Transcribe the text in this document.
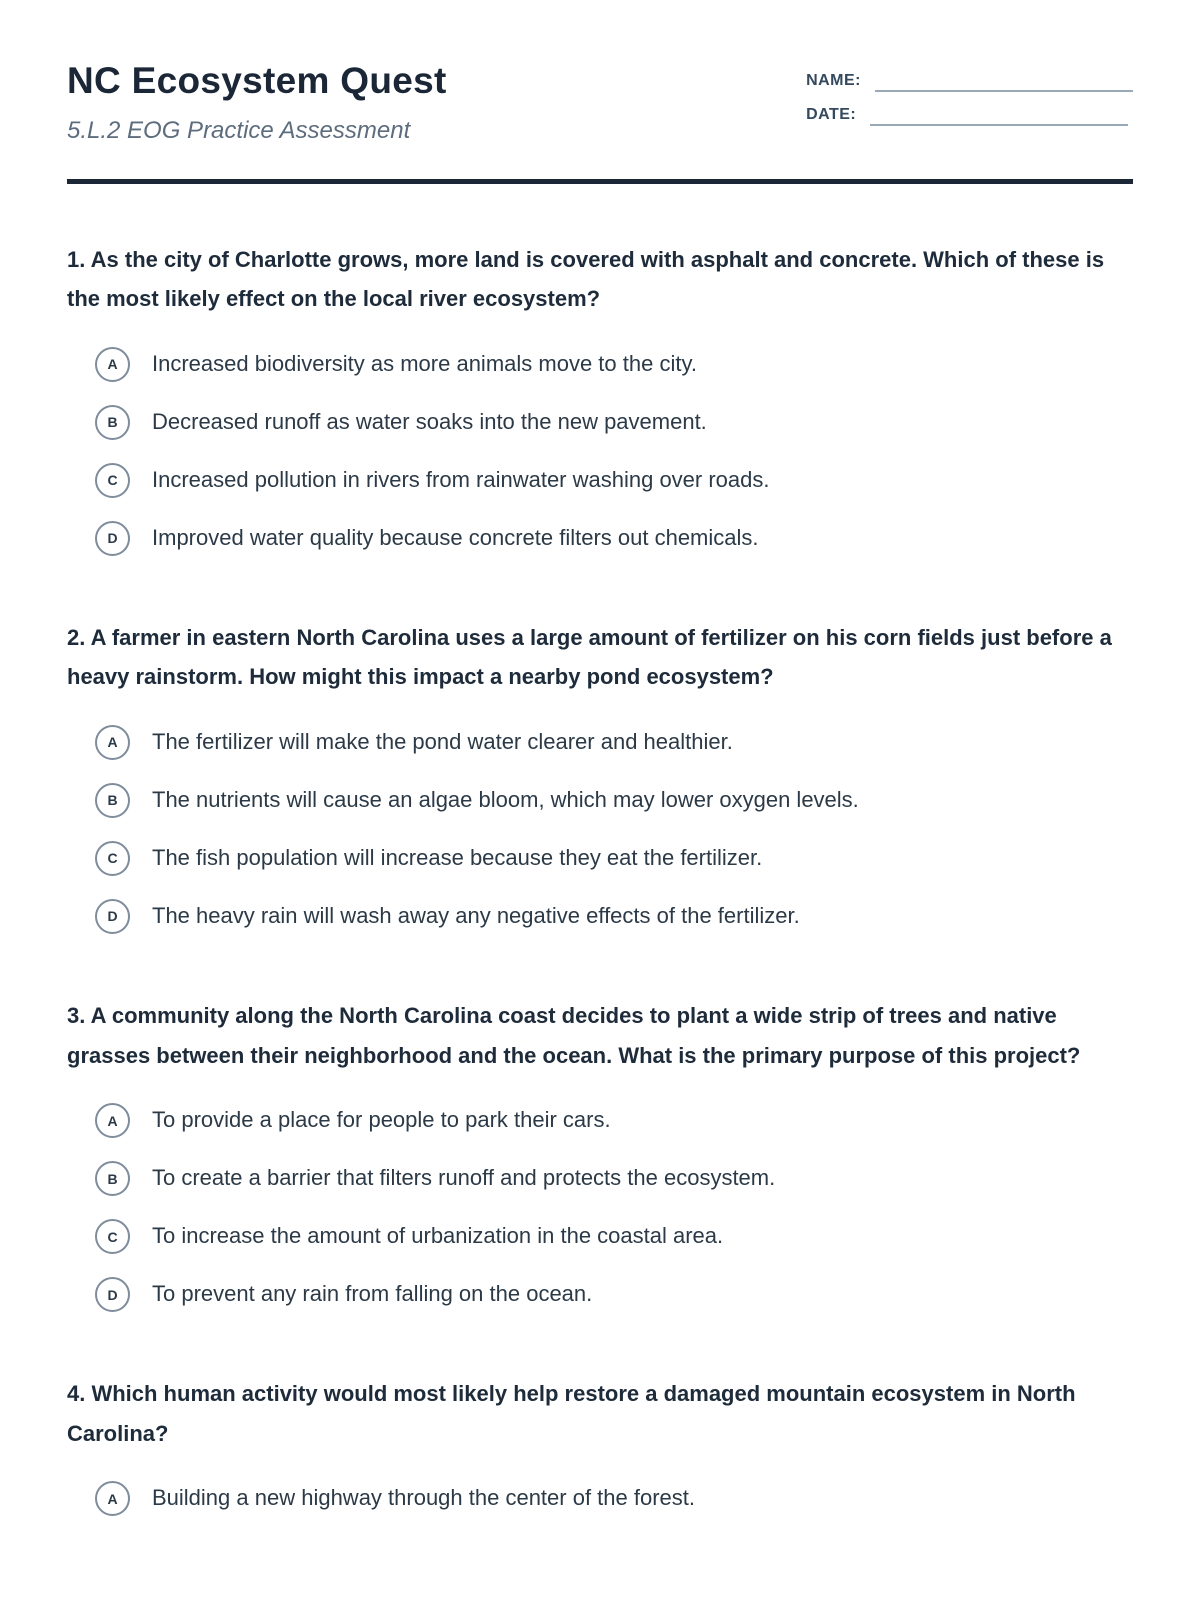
NC Ecosystem Quest
5.L.2 EOG Practice Assessment
NAME:
DATE:

1. As the city of Charlotte grows, more land is covered with asphalt and concrete. Which of these is the most likely effect on the local river ecosystem?

A Increased biodiversity as more animals move to the city.
B Decreased runoff as water soaks into the new pavement.
C Increased pollution in rivers from rainwater washing over roads.
D Improved water quality because concrete filters out chemicals.

2. A farmer in eastern North Carolina uses a large amount of fertilizer on his corn fields just before a heavy rainstorm. How might this impact a nearby pond ecosystem?

A The fertilizer will make the pond water clearer and healthier.
B The nutrients will cause an algae bloom, which may lower oxygen levels.
C The fish population will increase because they eat the fertilizer.
D The heavy rain will wash away any negative effects of the fertilizer.

3. A community along the North Carolina coast decides to plant a wide strip of trees and native grasses between their neighborhood and the ocean. What is the primary purpose of this project?

A To provide a place for people to park their cars.
B To create a barrier that filters runoff and protects the ecosystem.
C To increase the amount of urbanization in the coastal area.
D To prevent any rain from falling on the ocean.

4. Which human activity would most likely help restore a damaged mountain ecosystem in North Carolina?

A Building a new highway through the center of the forest.
